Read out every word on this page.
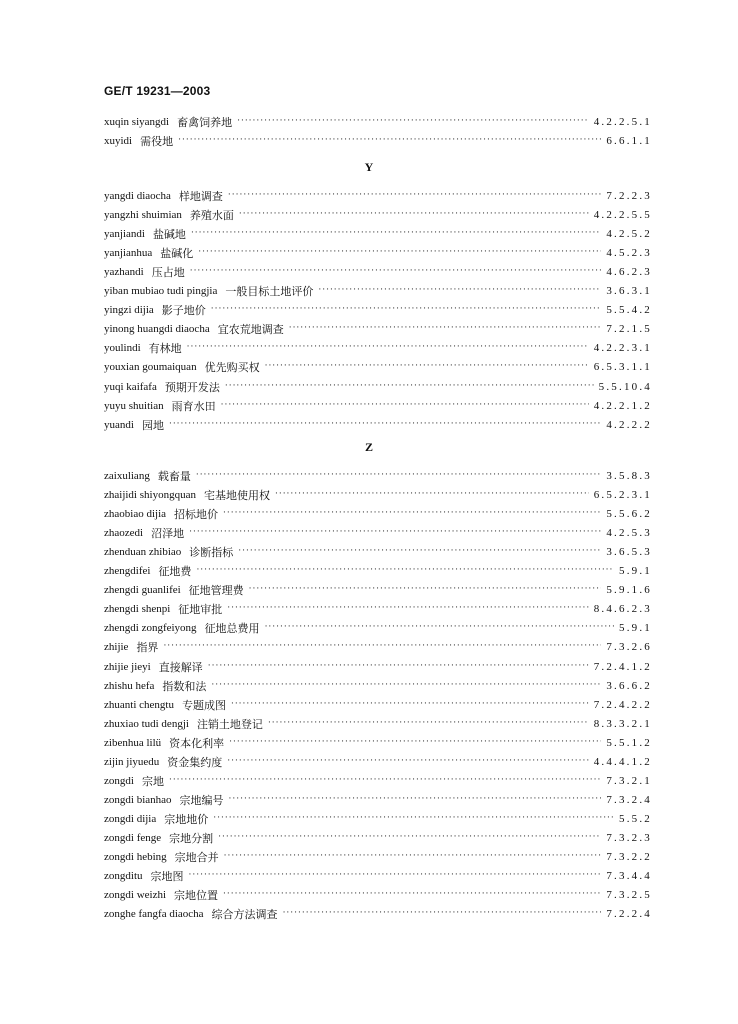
GE/T 19231—2003
xuqin siyangdi 畜禽饲养地 ·····	4.2.2.5.1
xuyidi 需役地 ·····	6.6.1.1
Y
yangdi diaocha 样地调查 ·····	7.2.2.3
yangzhi shuimian 养殖水面 ·····	4.2.2.5.5
yanjiandi 盐碱地 ·····	4.2.5.2
yanjianhua 盐碱化 ·····	4.5.2.3
yazhandi 压占地 ·····	4.6.2.3
yiban mubiao tudi pingjia 一般目标土地评价 ·····	3.6.3.1
yingzi dijia 影子地价 ·····	5.5.4.2
yinong huangdi diaocha 宜农荒地调查 ·····	7.2.1.5
youlindi 有林地 ·····	4.2.2.3.1
youxian goumaiquan 优先购买权 ·····	6.5.3.1.1
yuqi kaifafa 预期开发法 ·····	5.5.10.4
yuyu shuitian 雨育水田 ·····	4.2.2.1.2
yuandi 园地 ·····	4.2.2.2
Z
zaixuliang 载畜量 ·····	3.5.8.3
zhaijidi shiyongquan 宅基地使用权 ·····	6.5.2.3.1
zhaobiao dijia 招标地价 ·····	5.5.6.2
zhaozedi 沼泽地 ·····	4.2.5.3
zhenduan zhibiao 诊断指标 ·····	3.6.5.3
zhengdifei 征地费 ·····	5.9.1
zhengdi guanlifei 征地管理费 ·····	5.9.1.6
zhengdi shenpi 征地审批 ·····	8.4.6.2.3
zhengdi zongfeiyong 征地总费用 ·····	5.9.1
zhijie 指界 ·····	7.3.2.6
zhijie jieyi 直接解译 ·····	7.2.4.1.2
zhishu hefa 指数和法 ·····	3.6.6.2
zhuanti chengtu 专题成图 ·····	7.2.4.2.2
zhuxiao tudi dengji 注销土地登记 ·····	8.3.3.2.1
zibenhua lilü 资本化利率 ·····	5.5.1.2
zijin jiyuedu 资金集约度 ·····	4.4.4.1.2
zongdi 宗地 ·····	7.3.2.1
zongdi bianhao 宗地编号 ·····	7.3.2.4
zongdi dijia 宗地地价 ·····	5.5.2
zongdi fenge 宗地分割 ·····	7.3.2.3
zongdi hebing 宗地合并 ·····	7.3.2.2
zongditu 宗地图 ·····	7.3.4.4
zongdi weizhi 宗地位置 ·····	7.3.2.5
zonghe fangfa diaocha 综合方法调查 ·····	7.2.2.4
